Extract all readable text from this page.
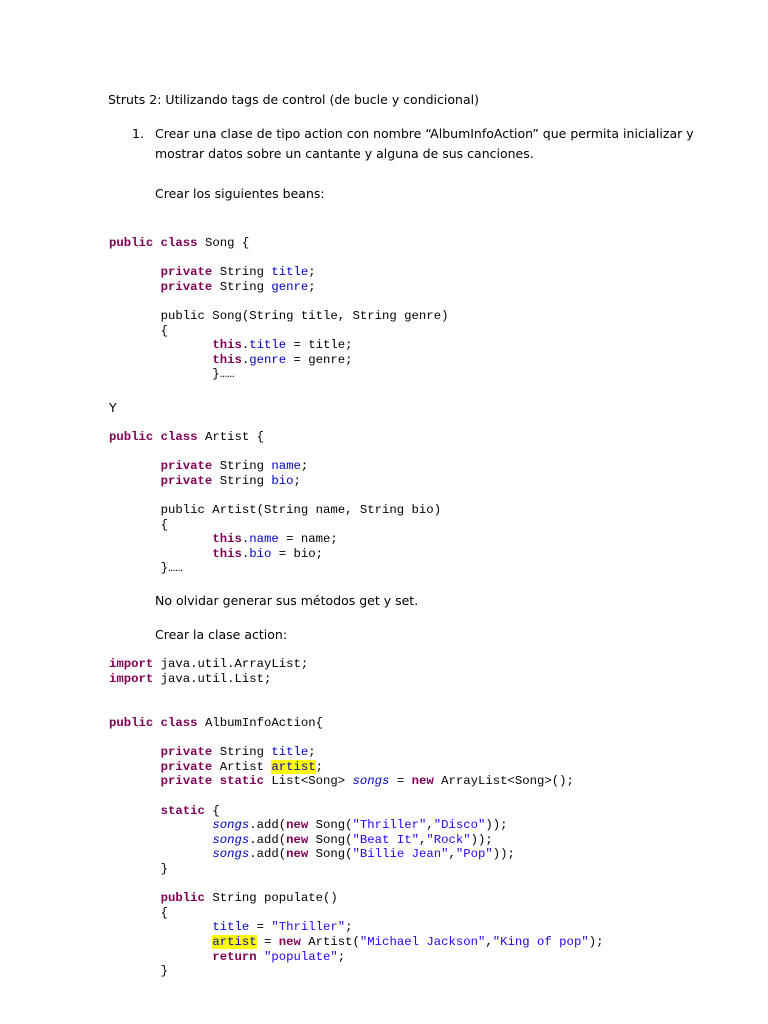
Struts 2: Utilizando tags de control (de bucle y condicional)
1. Crear una clase de tipo action con nombre “AlbumInfoAction” que permita inicializar y
mostrar datos sobre un cantante y alguna de sus canciones.
Crear los siguientes beans:
public class Song {

private String title;
private String genre;

public Song(String title, String genre)
{
this.title = title;
this.genre = genre;
}……
Y
public class Artist {

private String name;
private String bio;

public Artist(String name, String bio)
{
this.name = name;
this.bio = bio;
}……
No olvidar generar sus métodos get y set.
Crear la clase action:
import java.util.ArrayList;
import java.util.List;
public class AlbumInfoAction{

private String title;
private Artist artist;
private static List<Song> songs = new ArrayList<Song>();

static {
songs.add(new Song("Thriller","Disco"));
songs.add(new Song("Beat It","Rock"));
songs.add(new Song("Billie Jean","Pop"));
}

public String populate()
{
title = "Thriller";
artist = new Artist("Michael Jackson","King of pop");
return "populate";
}
